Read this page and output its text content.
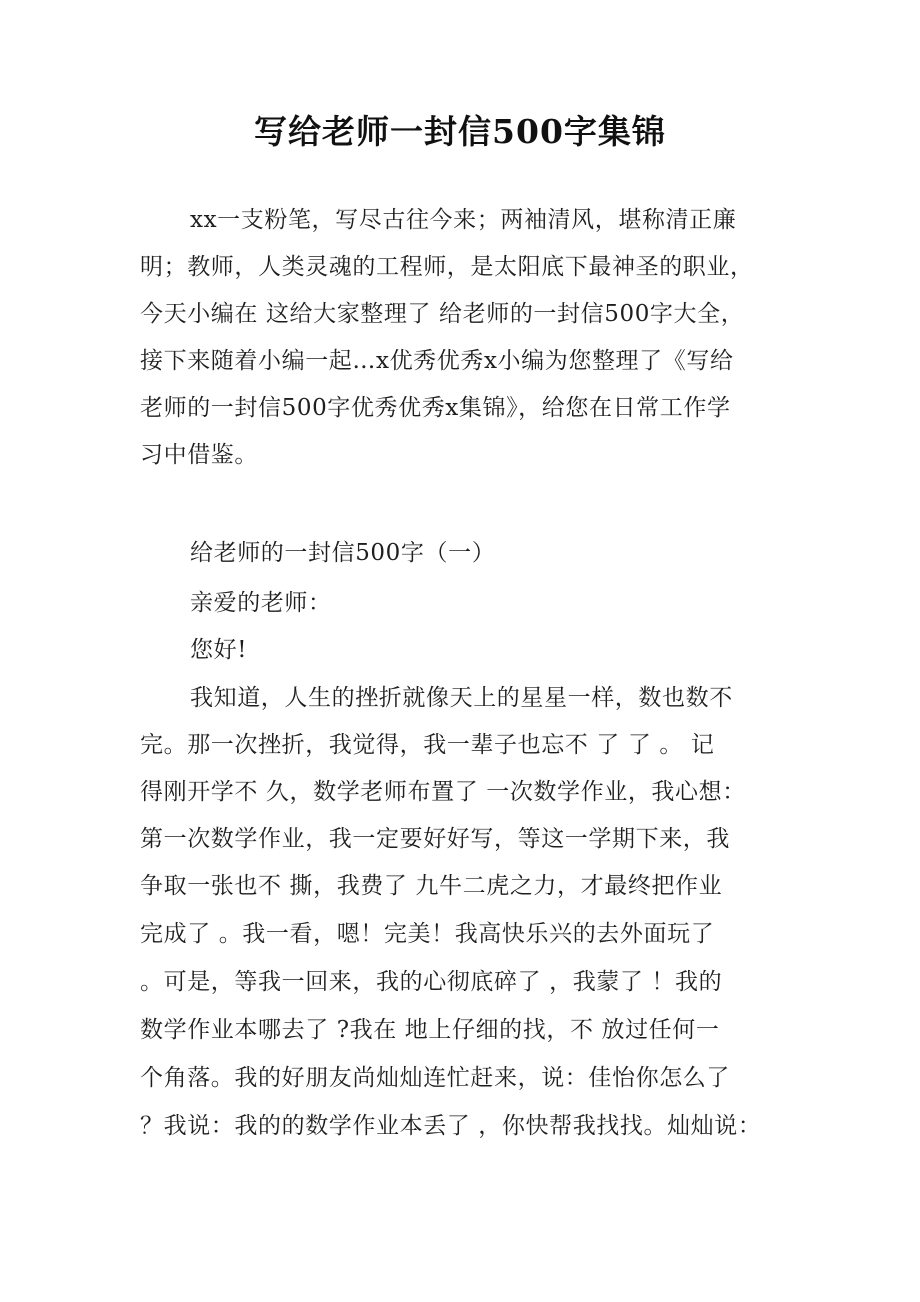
写给老师一封信500字集锦
xx一支粉笔，写尽古往今来；两袖清风，堪称清正廉
明；教师，人类灵魂的工程师，是太阳底下最神圣的职业，
今天小编在 这给大家整理了 给老师的一封信500字大全，
接下来随着小编一起…x优秀优秀x小编为您整理了《写给
老师的一封信500字优秀优秀x集锦》，给您在日常工作学
习中借鉴。
给老师的一封信500字（一）
亲爱的老师：
您好!
我知道，人生的挫折就像天上的星星一样，数也数不
完。那一次挫折，我觉得，我一辈子也忘不 了 了 。 记
得刚开学不 久，数学老师布置了 一次数学作业，我心想：
第一次数学作业，我一定要好好写，等这一学期下来，我
争取一张也不 撕，我费了 九牛二虎之力，才最终把作业
完成了 。我一看，嗯！完美！我高快乐兴的去外面玩了
。可是，等我一回来，我的心彻底碎了 ，我蒙了 ！我的
数学作业本哪去了 ?我在 地上仔细的找，不 放过任何一
个角落。我的好朋友尚灿灿连忙赶来，说：佳怡你怎么了
？我说：我的的数学作业本丢了 ，你快帮我找找。灿灿说：
